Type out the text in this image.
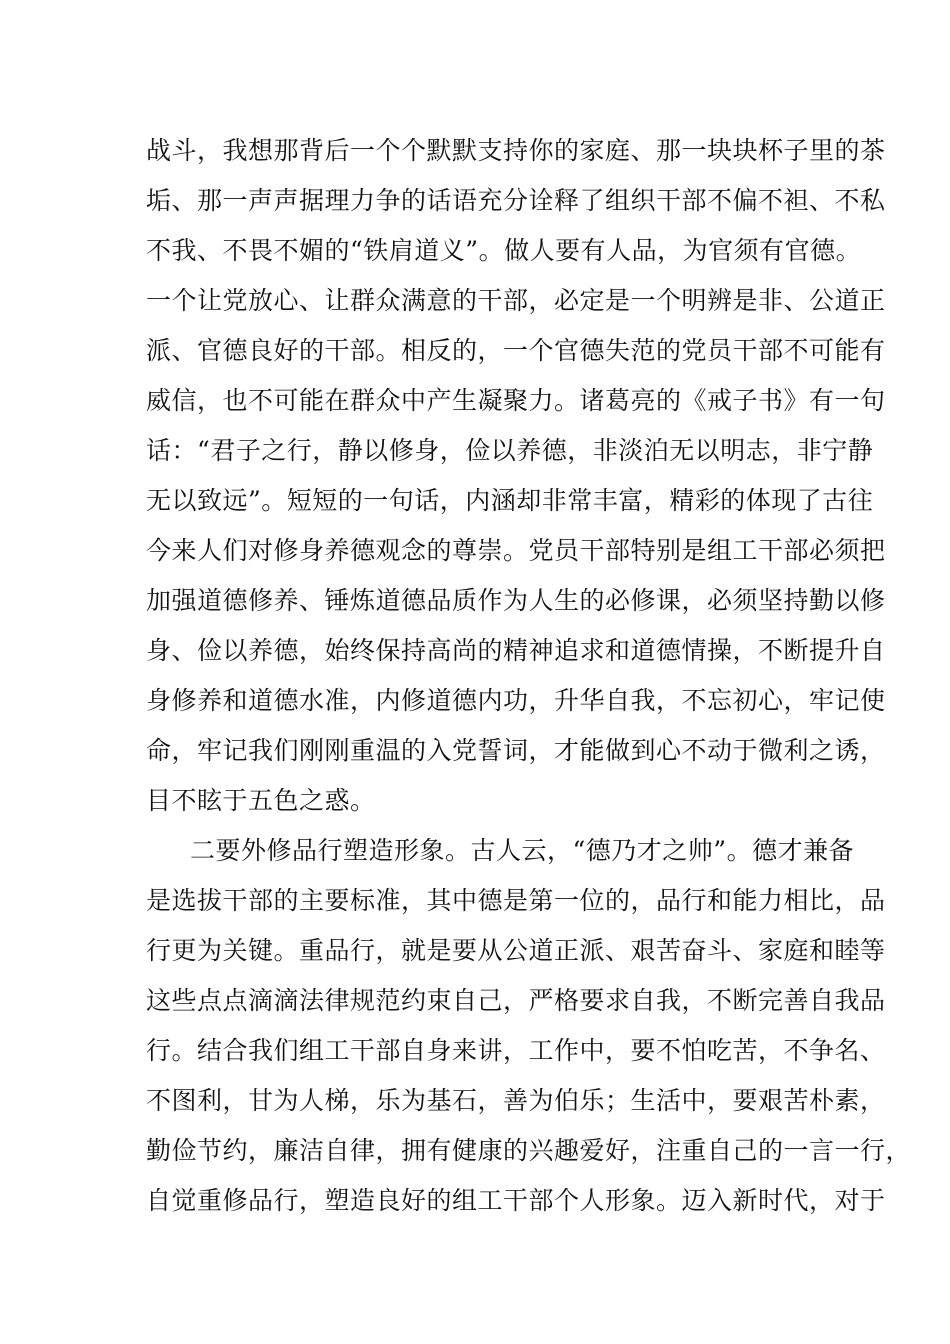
战斗，我想那背后一个个默默支持你的家庭、那一块块杯子里的茶

垢、那一声声据理力争的话语充分诠释了组织干部不偏不袒、不私

不我、不畏不媚的“铁肩道义”。做人要有人品，为官须有官德。

一个让党放心、让群众满意的干部，必定是一个明辨是非、公道正

派、官德良好的干部。相反的，一个官德失范的党员干部不可能有

威信，也不可能在群众中产生凝聚力。诸葛亮的《戒子书》有一句

话：“君子之行，静以修身，俭以养德，非淡泊无以明志，非宁静

无以致远”。短短的一句话，内涵却非常丰富，精彩的体现了古往

今来人们对修身养德观念的尊崇。党员干部特别是组工干部必须把

加强道德修养、锤炼道德品质作为人生的必修课，必须坚持勤以修

身、俭以养德，始终保持高尚的精神追求和道德情操，不断提升自

身修养和道德水准，内修道德内功，升华自我，不忘初心，牢记使

命，牢记我们刚刚重温的入党誓词，才能做到心不动于微利之诱，

目不眩于五色之惑。

二要外修品行塑造形象。古人云，“德乃才之帅”。德才兼备

是选拔干部的主要标准，其中德是第一位的，品行和能力相比，品

行更为关键。重品行，就是要从公道正派、艰苦奋斗、家庭和睦等

这些点点滴滴法律规范约束自己，严格要求自我，不断完善自我品

行。结合我们组工干部自身来讲，工作中，要不怕吃苦，不争名、

不图利，甘为人梯，乐为基石，善为伯乐；生活中，要艰苦朴素，

勤俭节约，廉洁自律，拥有健康的兴趣爱好，注重自己的一言一行，

自觉重修品行，塑造良好的组工干部个人形象。迈入新时代，对于
